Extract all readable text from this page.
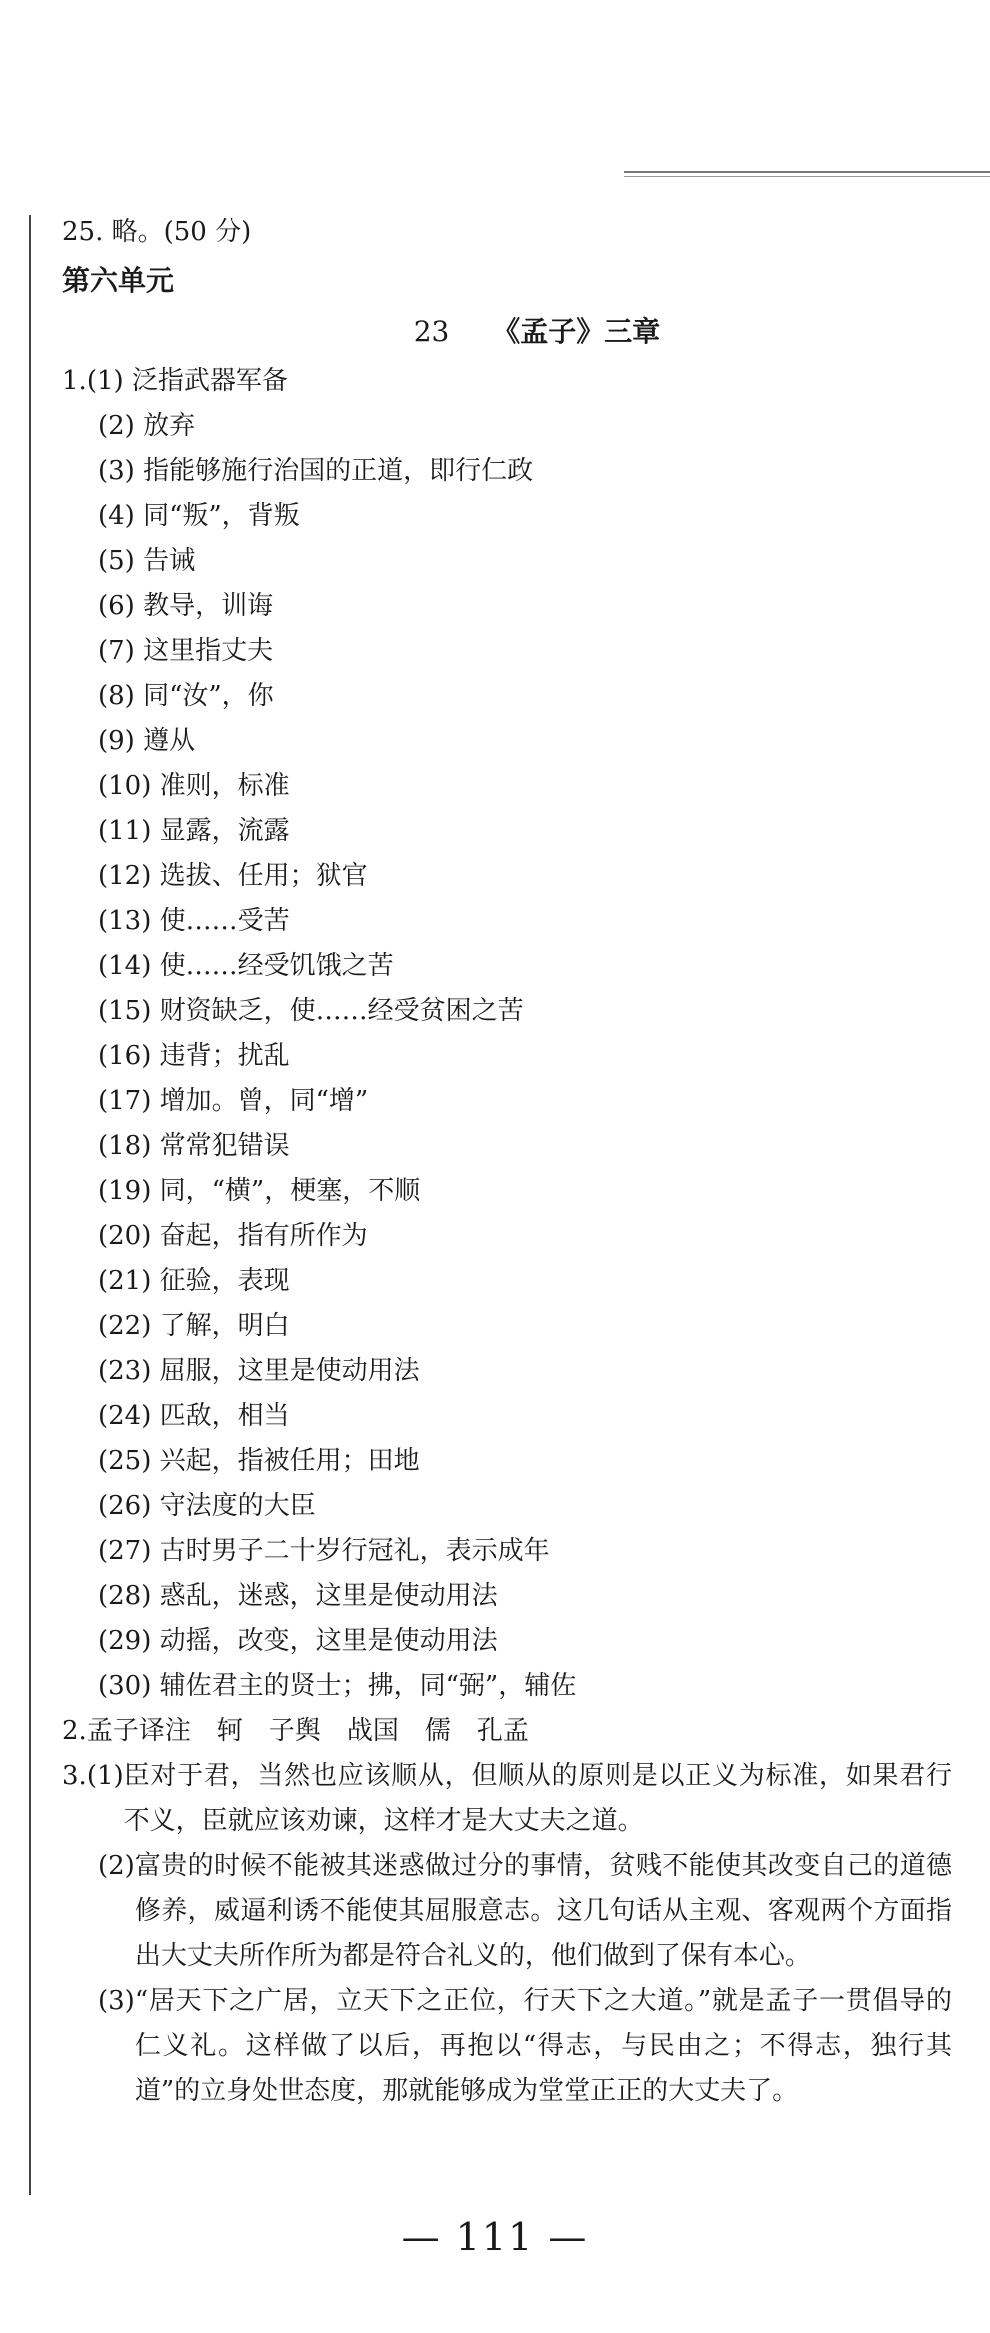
25. 略。(50 分)
第六单元
23 《孟子》三章
1.(1) 泛指武器军备
(2) 放弃
(3) 指能够施行治国的正道，即行仁政
(4) 同“叛”，背叛
(5) 告诫
(6) 教导，训诲
(7) 这里指丈夫
(8) 同“汝”，你
(9) 遵从
(10) 准则，标准
(11) 显露，流露
(12) 选拔、任用；狱官
(13) 使……受苦
(14) 使……经受饥饿之苦
(15) 财资缺乏，使……经受贫困之苦
(16) 违背；扰乱
(17) 增加。曾，同“增”
(18) 常常犯错误
(19) 同，“横”，梗塞，不顺
(20) 奋起，指有所作为
(21) 征验，表现
(22) 了解，明白
(23) 屈服，这里是使动用法
(24) 匹敌，相当
(25) 兴起，指被任用；田地
(26) 守法度的大臣
(27) 古时男子二十岁行冠礼，表示成年
(28) 惑乱，迷惑，这里是使动用法
(29) 动摇，改变，这里是使动用法
(30) 辅佐君主的贤士；拂，同“弼”，辅佐
2.孟子译注　轲　子舆　战国　儒　孔孟
3. (1) 臣对于君，当然也应该顺从，但顺从的原则是以正义为标准，如果君行不义，臣就应该劝谏，这样才是大丈夫之道。
(2) 富贵的时候不能被其迷惑做过分的事情，贫贱不能使其改变自己的道德修养，威逼利诱不能使其屈服意志。这几句话从主观、客观两个方面指出大丈夫所作所为都是符合礼义的，他们做到了保有本心。
(3) “居天下之广居，立天下之正位，行天下之大道。”就是孟子一贯倡导的仁义礼。这样做了以后，再抱以“得志，与民由之；不得志，独行其道”的立身处世态度，那就能够成为堂堂正正的大丈夫了。
— 111 —
